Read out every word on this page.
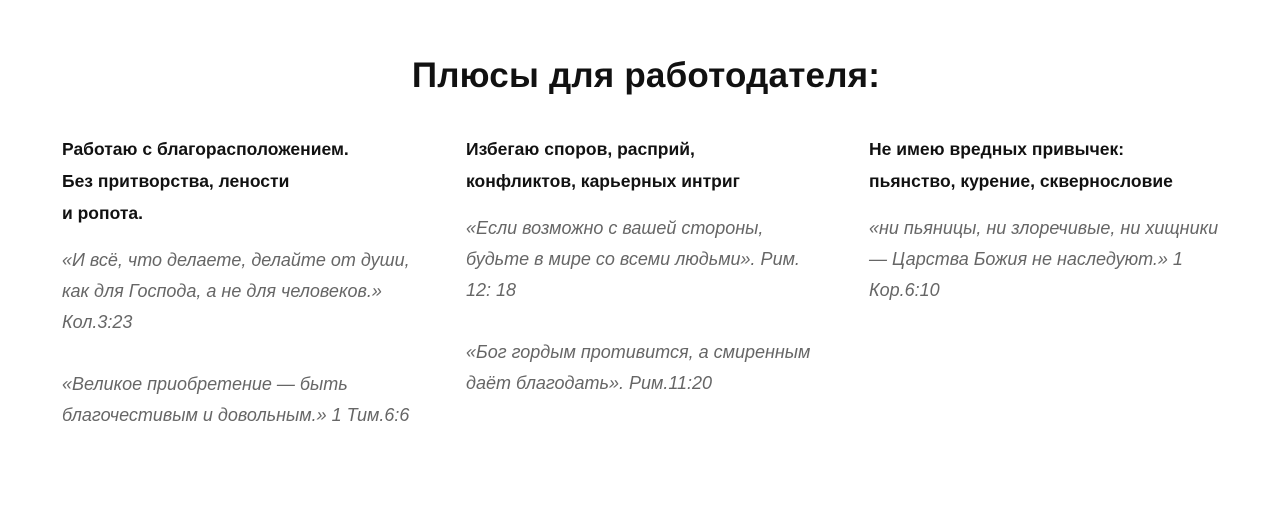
Плюсы для работодателя:
Работаю с благорасположением.
Без притворства, лености
и ропота.

«И всё, что делаете, делайте от души, как для Господа, а не для человеков.» Кол.3:23

«Великое приобретение — быть благочестивым и довольным.» 1 Тим.6:6

Избегаю споров, расприй,
конфликтов, карьерных интриг

«Если возможно с вашей стороны, будьте в мире со всеми людьми». Рим. 12: 18

«Бог гордым противится, а смиренным даёт благодать». Рим.11:20

Не имею вредных привычек:
пьянство, курение, сквернословие

«ни пьяницы, ни злоречивые, ни хищники — Царства Божия не наследуют.» 1 Кор.6:10
